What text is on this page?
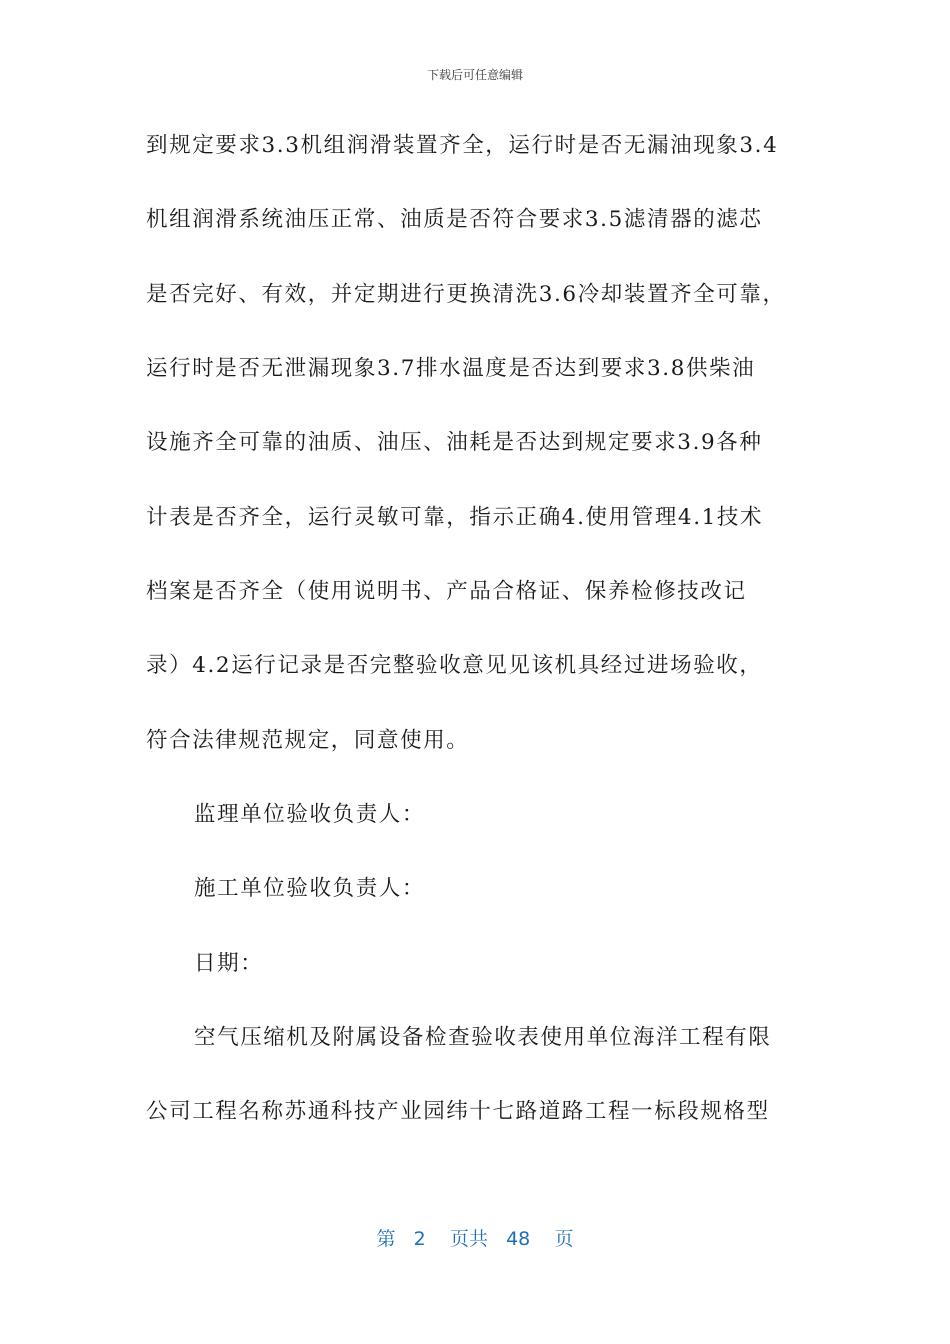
下载后可任意编辑
到规定要求3.3机组润滑装置齐全，运行时是否无漏油现象3.4
机组润滑系统油压正常、油质是否符合要求3.5滤清器的滤芯
是否完好、有效，并定期进行更换清洗3.6冷却装置齐全可靠，
运行时是否无泄漏现象3.7排水温度是否达到要求3.8供柴油
设施齐全可靠的油质、油压、油耗是否达到规定要求3.9各种
计表是否齐全，运行灵敏可靠，指示正确4.使用管理4.1技术
档案是否齐全（使用说明书、产品合格证、保养检修技改记
录）4.2运行记录是否完整验收意见见该机具经过进场验收，
符合法律规范规定，同意使用。
监理单位验收负责人：
施工单位验收负责人：
日期：
空气压缩机及附属设备检查验收表使用单位海洋工程有限
公司工程名称苏通科技产业园纬十七路道路工程一标段规格型
第 2 页共 48 页
